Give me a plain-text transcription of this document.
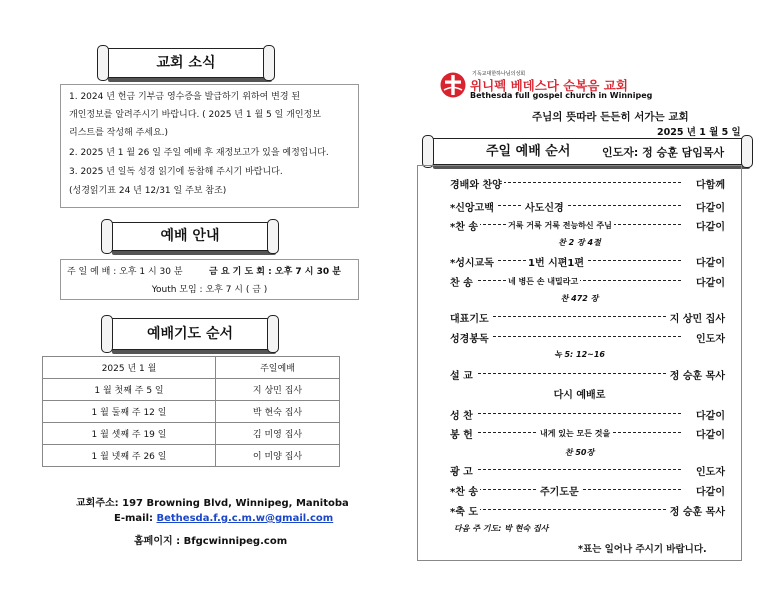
교회 소식
1. 2024 년 헌금 기부금 영수증을 발급하기 위하여 변경 된
개인정보를 알려주시기 바랍니다. ( 2025 년 1 월 5 일 개인정보
리스트를 작성해 주세요.)
2. 2025 년 1 월 26 일 주일 예배 후 재정보고가 있을 예정입니다.
3. 2025 년 일독 성경 읽기에 동참해 주시기 바랍니다.
(성경읽기표 24 년 12/31 일 주보 참조)
예배 안내
주 일 예 배 : 오후 1 시 30 분	금 요 기 도 회 : 오후 7 시 30 분
Youth 모임 : 오후 7 시 ( 금 )
예배기도 순서
2025 년 1 월	주일예배
1 월 첫째 주 5 일	지 상민 집사
1 월 둘째 주 12 일	박 현숙 집사
1 월 셋째 주 19 일	김 미영 집사
1 월 넷째 주 26 일	이 미양 집사
교회주소: 197 Browning Blvd, Winnipeg, Manitoba
E-mail: Bethesda.f.g.c.m.w@gmail.com
홈페이지 : Bfgcwinnipeg.com
기독교대한하나님의성회
위니펙 베데스다 순복음 교회
Bethesda full gospel church in Winnipeg
주님의 뜻따라 든든히 서가는 교회
2025 년 1 월 5 일
주일 예배 순서	인도자: 정 승훈 담임목사
경배와 찬양	다함께
*신앙고백	사도신경	다같이
*찬 송	거룩 거룩 거룩 전능하신 주님	다같이
*성시교독	1번 시편1편	다같이
찬 송	네 병든 손 내밀라고	다같이
대표기도	지 상민 집사
성경봉독	인도자
설 교	정 승훈 목사
성 찬	다같이
봉 헌	내게 있는 모든 것을	다같이
광 고	인도자
*찬 송	주기도문	다같이
*축 도	정 승훈 목사
찬 2 장 4절
찬 472 장
녹 5: 12~16
다시 예배로
찬 50장
다음 주 기도: 박 현숙 집사
*표는 일어나 주시기 바랍니다.
